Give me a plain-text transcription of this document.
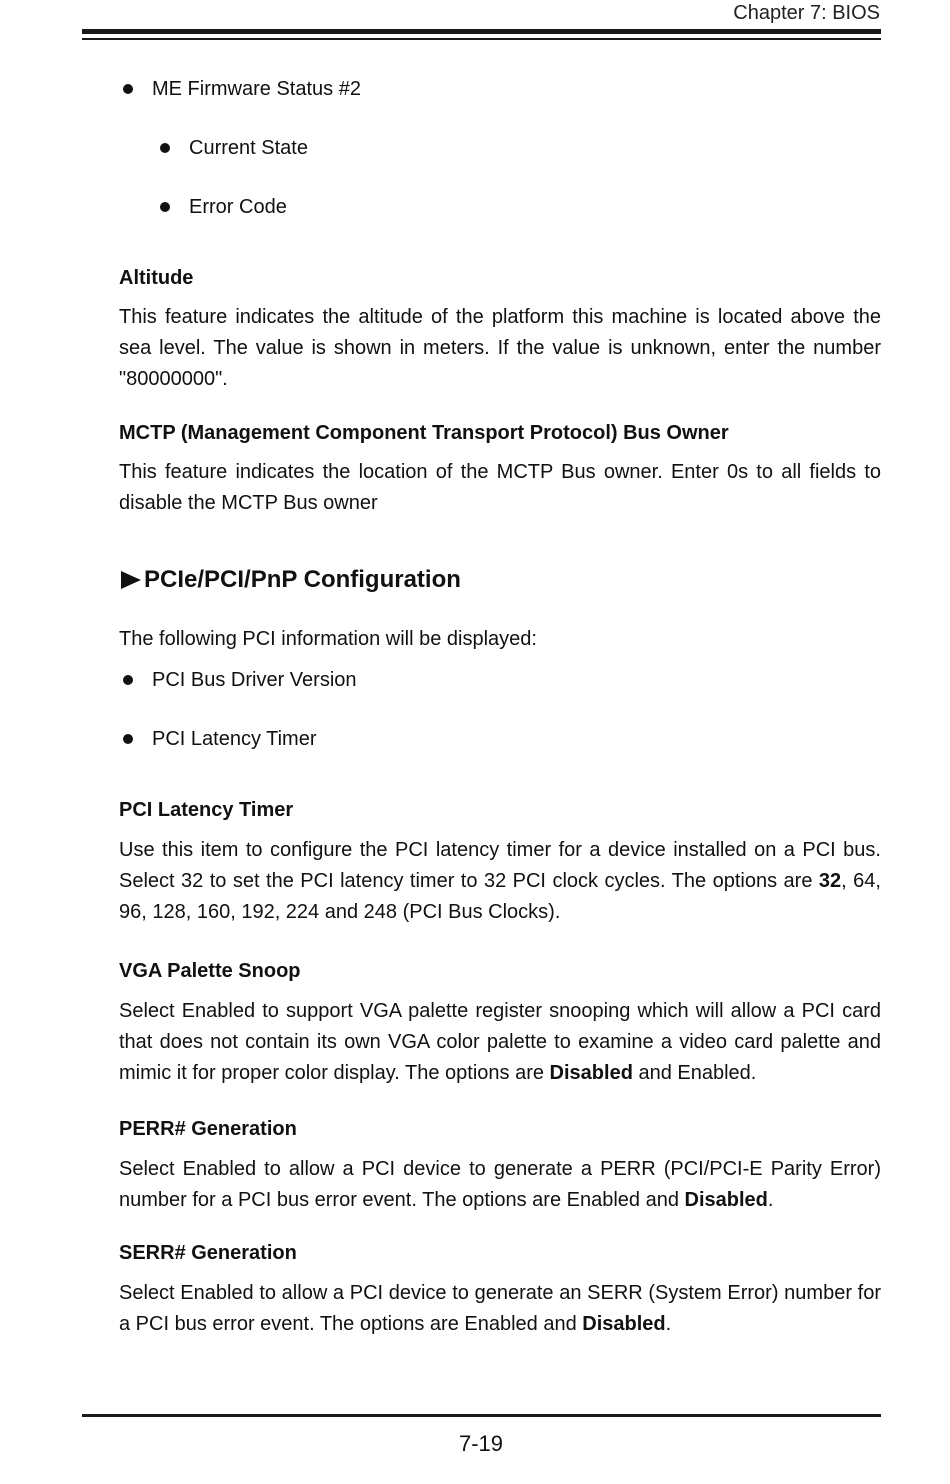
Chapter 7: BIOS
ME Firmware Status #2
Current State
Error Code
Altitude

This feature indicates the altitude of the platform this machine is located above the sea level. The value is shown in meters. If the value is unknown, enter the number "80000000".

MCTP (Management Component Transport Protocol) Bus Owner

This feature indicates the location of the MCTP Bus owner. Enter 0s to all fields to disable the MCTP Bus owner

PCIe/PCI/PnP Configuration

The following PCI information will be displayed:

PCI Bus Driver Version
PCI Latency Timer
PCI Latency Timer

Use this item to configure the PCI latency timer for a device installed on a PCI bus. Select 32 to set the PCI latency timer to 32 PCI clock cycles. The options are 32, 64, 96, 128, 160, 192, 224 and 248 (PCI Bus Clocks).

VGA Palette Snoop

Select Enabled to support VGA palette register snooping which will allow a PCI card that does not contain its own VGA color palette to examine a video card palette and mimic it for proper color display. The options are Disabled and Enabled.

PERR# Generation

Select Enabled to allow a PCI device to generate a PERR (PCI/PCI-E Parity Error) number for a PCI bus error event. The options are Enabled and Disabled.

SERR# Generation

Select Enabled to allow a PCI device to generate an SERR (System Error) number for a PCI bus error event. The options are Enabled and Disabled.

7-19
